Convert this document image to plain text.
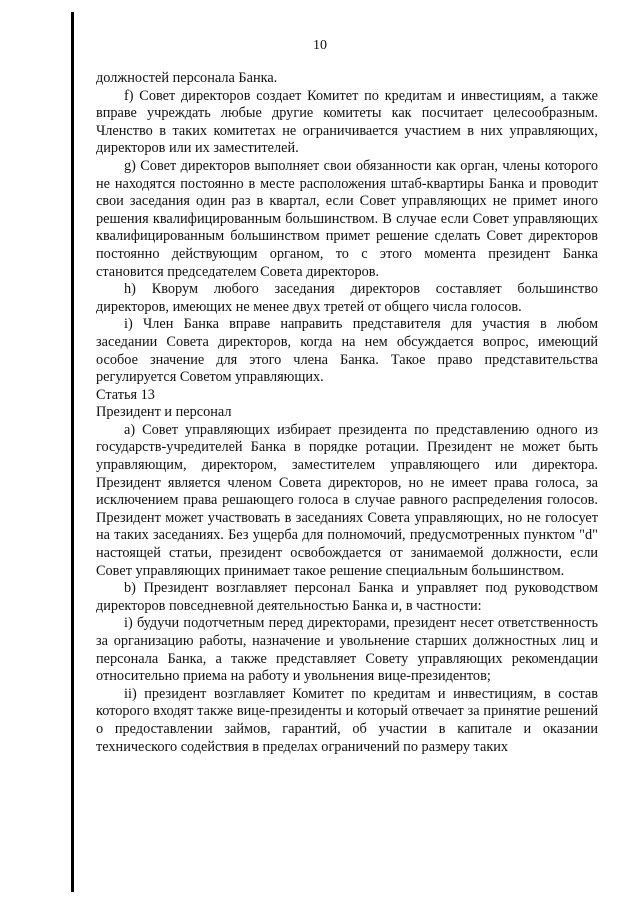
10

должностей персонала Банка.

f) Совет директоров создает Комитет по кредитам и инвестициям, а также вправе учреждать любые другие комитеты как посчитает целесообразным. Членство в таких комитетах не ограничивается участием в них управляющих, директоров или их заместителей.

g) Совет директоров выполняет свои обязанности как орган, члены которого не находятся постоянно в месте расположения штаб-квартиры Банка и проводит свои заседания один раз в квартал, если Совет управляющих не примет иного решения квалифицированным большинством. В случае если Совет управляющих квалифицированным большинством примет решение сделать Совет директоров постоянно действующим органом, то с этого момента президент Банка становится председателем Совета директоров.

h) Кворум любого заседания директоров составляет большинство директоров, имеющих не менее двух третей от общего числа голосов.

i) Член Банка вправе направить представителя для участия в любом заседании Совета директоров, когда на нем обсуждается вопрос, имеющий особое значение для этого члена Банка. Такое право представительства регулируется Советом управляющих.

Статья 13

Президент и персонал

а) Совет управляющих избирает президента по представлению одного из государств-учредителей Банка в порядке ротации. Президент не может быть управляющим, директором, заместителем управляющего или директора. Президент является членом Совета директоров, но не имеет права голоса, за исключением права решающего голоса в случае равного распределения голосов. Президент может участвовать в заседаниях Совета управляющих, но не голосует на таких заседаниях. Без ущерба для полномочий, предусмотренных пунктом "d" настоящей статьи, президент освобождается от занимаемой должности, если Совет управляющих принимает такое решение специальным большинством.

b) Президент возглавляет персонал Банка и управляет под руководством директоров повседневной деятельностью Банка и, в частности:

i) будучи подотчетным перед директорами, президент несет ответственность за организацию работы, назначение и увольнение старших должностных лиц и персонала Банка, а также представляет Совету управляющих рекомендации относительно приема на работу и увольнения вице-президентов;

ii) президент возглавляет Комитет по кредитам и инвестициям, в состав которого входят также вице-президенты и который отвечает за принятие решений о предоставлении займов, гарантий, об участии в капитале и оказании технического содействия в пределах ограничений по размеру таких
